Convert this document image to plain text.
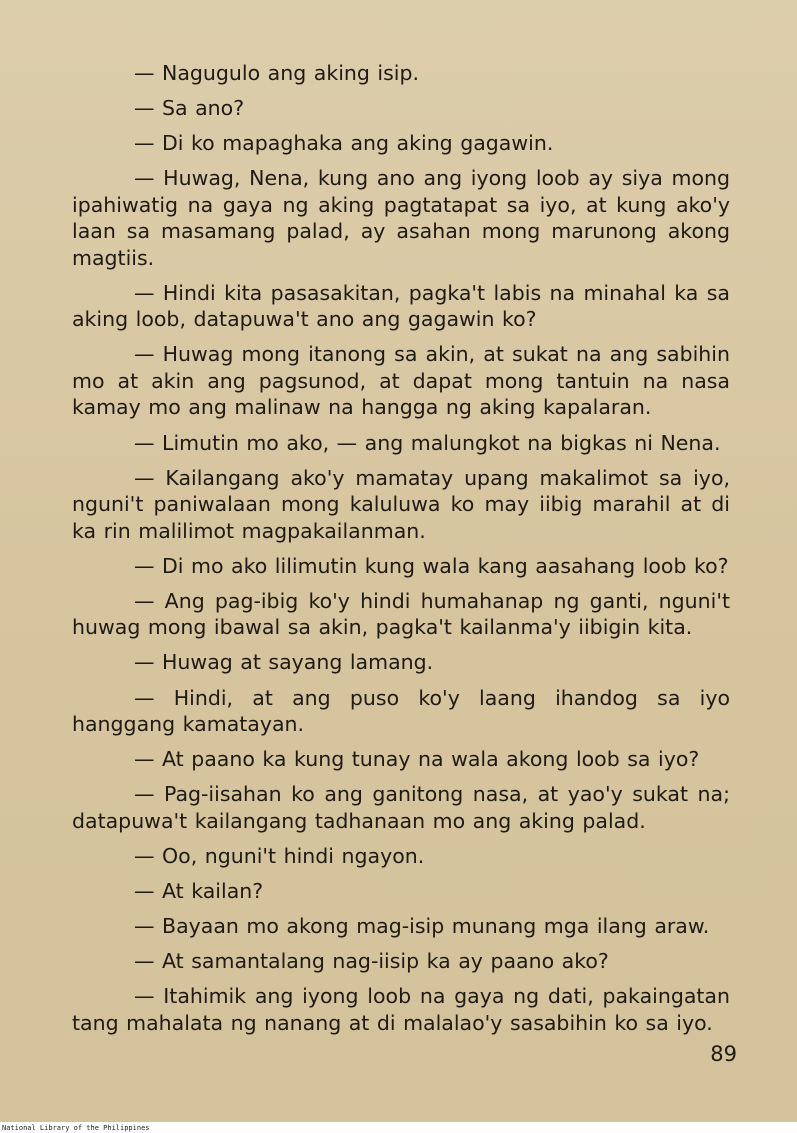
— Nagugulo ang aking isip.

— Sa ano?

— Di ko mapaghaka ang aking gagawin.

— Huwag, Nena, kung ano ang iyong loob ay siya mong ipahiwatig na gaya ng aking pagtatapat sa iyo, at kung ako'y laan sa masamang palad, ay asahan mong marunong akong magtiis.

— Hindi kita pasasakitan, pagka't labis na minahal ka sa aking loob, datapuwa't ano ang gagawin ko?

— Huwag mong itanong sa akin, at sukat na ang sabihin mo at akin ang pagsunod, at dapat mong tantuin na nasa kamay mo ang malinaw na hangga ng aking kapalaran.

— Limutin mo ako, — ang malungkot na bigkas ni Nena.

— Kailangang ako'y mamatay upang makalimot sa iyo, nguni't paniwalaan mong kaluluwa ko may iibig marahil at di ka rin malilimot magpakailanman.

— Di mo ako lilimutin kung wala kang aasahang loob ko?

— Ang pag-ibig ko'y hindi humahanap ng ganti, nguni't huwag mong ibawal sa akin, pagka't kailanma'y iibigin kita.

— Huwag at sayang lamang.

— Hindi, at ang puso ko'y laang ihandog sa iyo hanggang kamatayan.

— At paano ka kung tunay na wala akong loob sa iyo?

— Pag-iisahan ko ang ganitong nasa, at yao'y sukat na; datapuwa't kailangang tadhanaan mo ang aking palad.

— Oo, nguni't hindi ngayon.

— At kailan?

— Bayaan mo akong mag-isip munang mga ilang araw.

— At samantalang nag-iisip ka ay paano ako?

— Itahimik ang iyong loob na gaya ng dati, pakaingatan tang mahalata ng nanang at di malalao'y sasabihin ko sa iyo.

89
National Library of the Philippines
